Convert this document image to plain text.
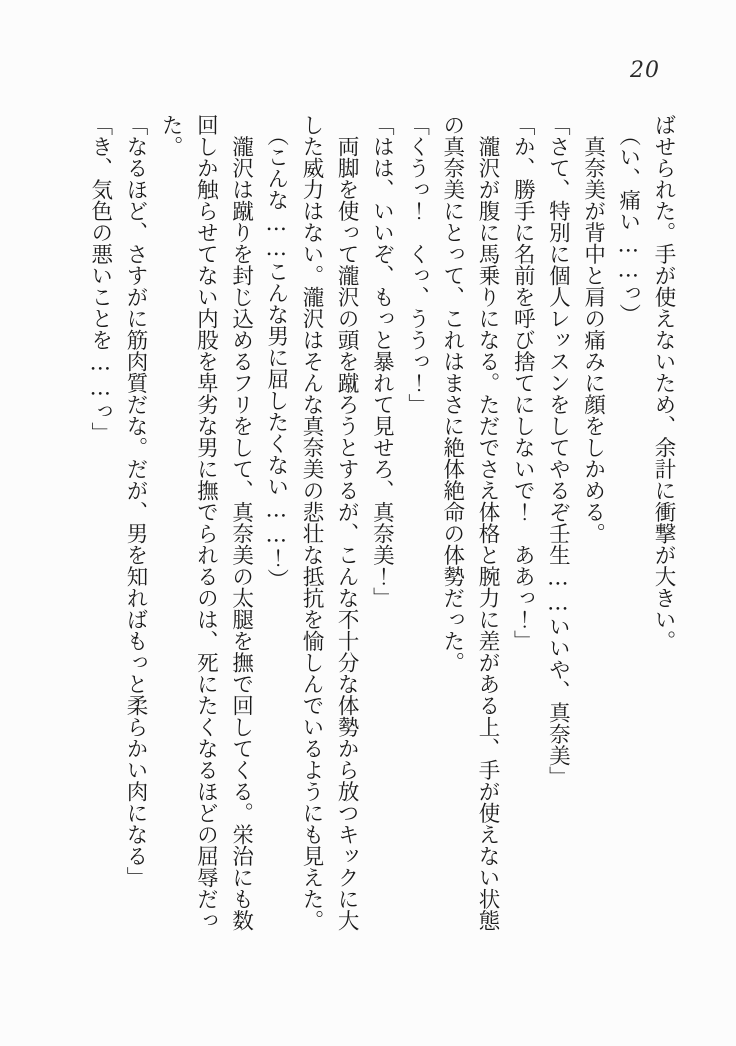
20
ばせられた。手が使えないため、余計に衝撃が大きい。
　（い、痛い……っ）
　真奈美が背中と肩の痛みに顔をしかめる。
「さて、特別に個人レッスンをしてやるぞ壬生……いいや、真奈美」
「か、勝手に名前を呼び捨てにしないで！　ああっ！」
　瀧沢が腹に馬乗りになる。ただでさえ体格と腕力に差がある上、手が使えない状態
の真奈美にとって、これはまさに絶体絶命の体勢だった。
「くうっ！　くっ、ううっ！」
「はは、いいぞ、もっと暴れて見せろ、真奈美！」
　両脚を使って瀧沢の頭を蹴ろうとするが、こんな不十分な体勢から放つキックに大
した威力はない。瀧沢はそんな真奈美の悲壮な抵抗を愉しんでいるようにも見えた。
　（こんな……こんな男に屈したくない……！）
　瀧沢は蹴りを封じ込めるフリをして、真奈美の太腿を撫で回してくる。栄治にも数
回しか触らせてない内股を卑劣な男に撫でられるのは、死にたくなるほどの屈辱だっ
た。
「なるほど、さすがに筋肉質だな。だが、男を知ればもっと柔らかい肉になる」
「き、気色の悪いことを……っ」
